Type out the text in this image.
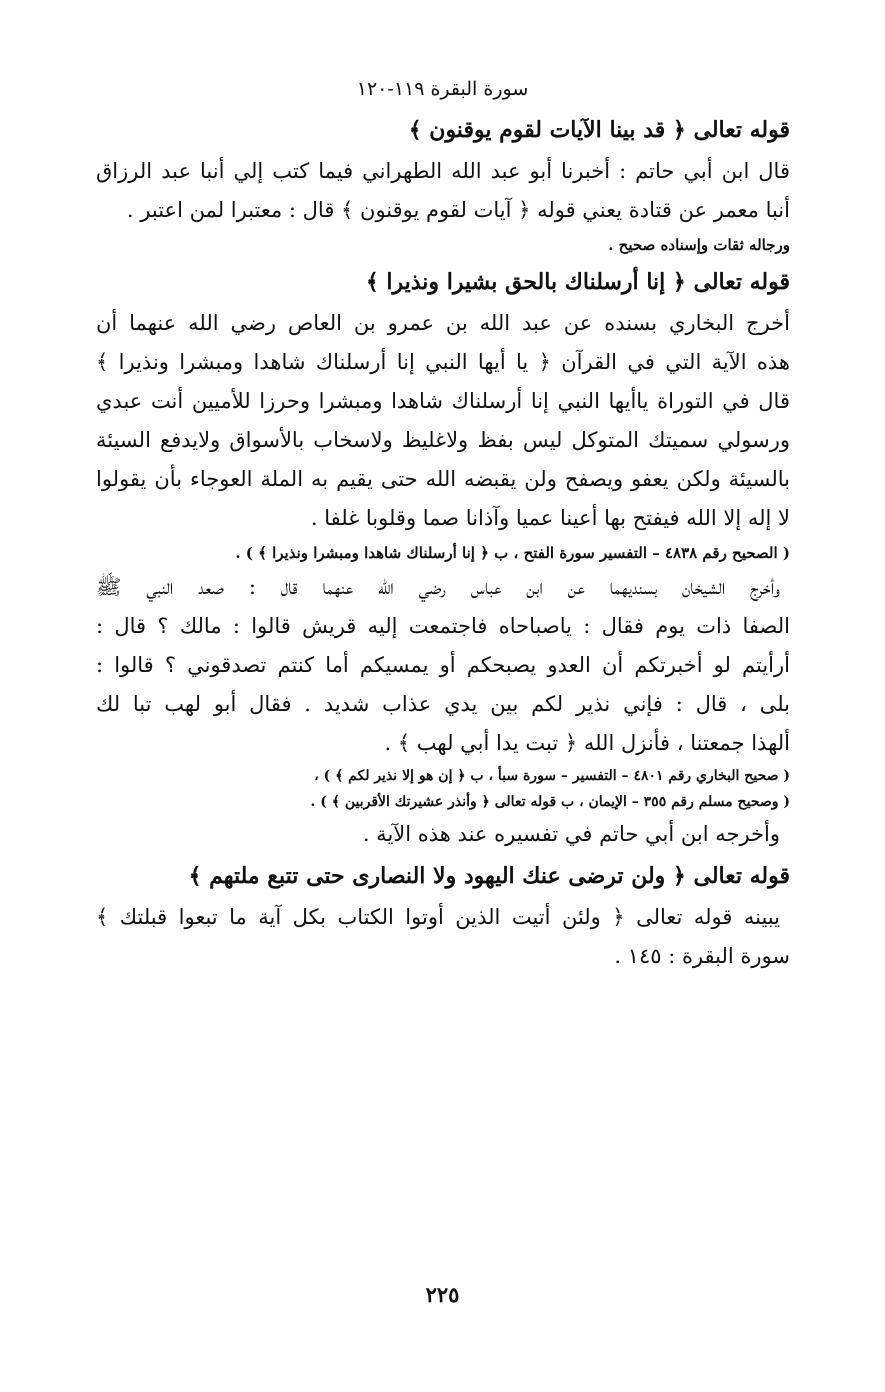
سورة البقرة ١١٩-١٢٠
قوله تعالى ﴿ قد بينا الآيات لقوم يوقنون ﴾
قال ابن أبي حاتم : أخبرنا أبو عبد الله الطهراني فيما كتب إلي أنبا عبد الرزاق
أنبا معمر عن قتادة يعني قوله ﴿ آيات لقوم يوقنون ﴾ قال : معتبرا لمن اعتبر .
ورجاله ثقات وإسناده صحيح .
قوله تعالى ﴿ إنا أرسلناك بالحق بشيرا ونذيرا ﴾
أخرج البخاري بسنده عن عبد الله بن عمرو بن العاص رضي الله عنهما أن
هذه الآية التي في القرآن ﴿ يا أيها النبي إنا أرسلناك شاهدا ومبشرا ونذيرا ﴾
قال في التوراة ياأيها النبي إنا أرسلناك شاهدا ومبشرا وحرزا للأميين أنت عبدي
ورسولي سميتك المتوكل ليس بفظ ولاغليظ ولاسخاب بالأسواق ولايدفع السيئة
بالسيئة ولكن يعفو ويصفح ولن يقبضه الله حتى يقيم به الملة العوجاء بأن يقولوا
لا إله إلا الله فيفتح بها أعينا عميا وآذانا صما وقلوبا غلفا .
( الصحيح رقم ٤٨٣٨ – التفسير سورة الفتح ، ب ﴿ إنا أرسلناك شاهدا ومبشرا ونذيرا ﴾ ) .
وأخرج الشيخان بسنديهما عن ابن عباس رضي الله عنهما قال : صعد النبي ﷺ
الصفا ذات يوم فقال : ياصباحاه فاجتمعت إليه قريش قالوا : مالك ؟ قال :
أرأيتم لو أخبرتكم أن العدو يصبحكم أو يمسيكم أما كنتم تصدقوني ؟ قالوا :
بلى ، قال : فإني نذير لكم بين يدي عذاب شديد . فقال أبو لهب تبا لك
ألهذا جمعتنا ، فأنزل الله ﴿ تبت يدا أبي لهب ﴾ .
( صحيح البخاري رقم ٤٨٠١ – التفسير – سورة سبأ ، ب ﴿ إن هو إلا نذير لكم ﴾ ) ،
( وصحيح مسلم رقم ٣٥٥ – الإيمان ، ب قوله تعالى ﴿ وأنذر عشيرتك الأقربين ﴾ ) .
وأخرجه ابن أبي حاتم في تفسيره عند هذه الآية .
قوله تعالى ﴿ ولن ترضى عنك اليهود ولا النصارى حتى تتبع ملتهم ﴾
يبينه قوله تعالى ﴿ ولئن أتيت الذين أوتوا الكتاب بكل آية ما تبعوا قبلتك ﴾
سورة البقرة : ١٤٥ .
٢٢٥
